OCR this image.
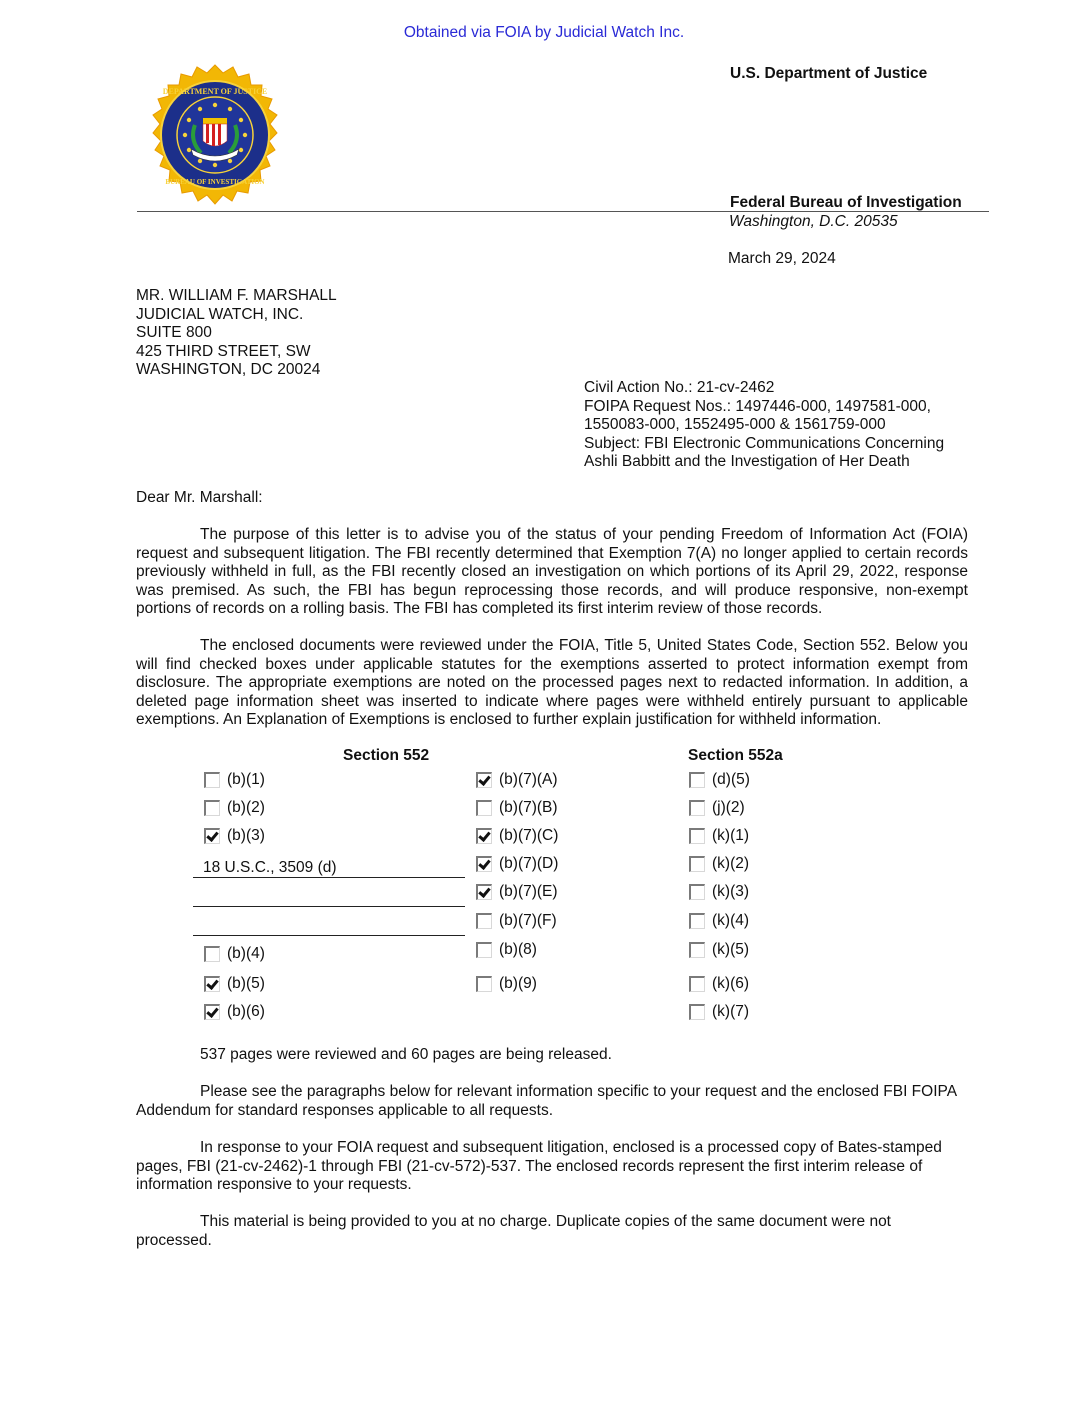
Obtained via FOIA by Judicial Watch Inc.
DEPARTMENT OF JUSTICE
BUREAU OF INVESTIGATION
U.S. Department of Justice
Federal Bureau of Investigation
Washington, D.C. 20535
March 29, 2024
MR. WILLIAM F. MARSHALL
JUDICIAL WATCH, INC.
SUITE 800
425 THIRD STREET, SW
WASHINGTON, DC 20024
Civil Action No.: 21-cv-2462
FOIPA Request Nos.: 1497446-000, 1497581-000,
1550083-000, 1552495-000 & 1561759-000
Subject: FBI Electronic Communications Concerning
Ashli Babbitt and the Investigation of Her Death
Dear Mr. Marshall:
The purpose of this letter is to advise you of the status of your pending Freedom of Information Act (FOIA) request and subsequent litigation. The FBI recently determined that Exemption 7(A) no longer applied to certain records previously withheld in full, as the FBI recently closed an investigation on which portions of its April 29, 2022, response was premised. As such, the FBI has begun reprocessing those records, and will produce responsive, non-exempt portions of records on a rolling basis. The FBI has completed its first interim review of those records.
The enclosed documents were reviewed under the FOIA, Title 5, United States Code, Section 552. Below you will find checked boxes under applicable statutes for the exemptions asserted to protect information exempt from disclosure. The appropriate exemptions are noted on the processed pages next to redacted information. In addition, a deleted page information sheet was inserted to indicate where pages were withheld entirely pursuant to applicable exemptions. An Explanation of Exemptions is enclosed to further explain justification for withheld information.
Section 552	Section 552a
(b)(1)
(b)(2)
(b)(3)
18 U.S.C., 3509 (d)
(b)(4)
(b)(5)
(b)(6)
(b)(7)(A)
(b)(7)(B)
(b)(7)(C)
(b)(7)(D)
(b)(7)(E)
(b)(7)(F)
(b)(8)
(b)(9)
(d)(5)
(j)(2)
(k)(1)
(k)(2)
(k)(3)
(k)(4)
(k)(5)
(k)(6)
(k)(7)
537 pages were reviewed and 60 pages are being released.
Please see the paragraphs below for relevant information specific to your request and the enclosed FBI FOIPA Addendum for standard responses applicable to all requests.
In response to your FOIA request and subsequent litigation, enclosed is a processed copy of Bates-stamped pages, FBI (21-cv-2462)-1 through FBI (21-cv-572)-537. The enclosed records represent the first interim release of information responsive to your requests.
This material is being provided to you at no charge. Duplicate copies of the same document were not processed.
